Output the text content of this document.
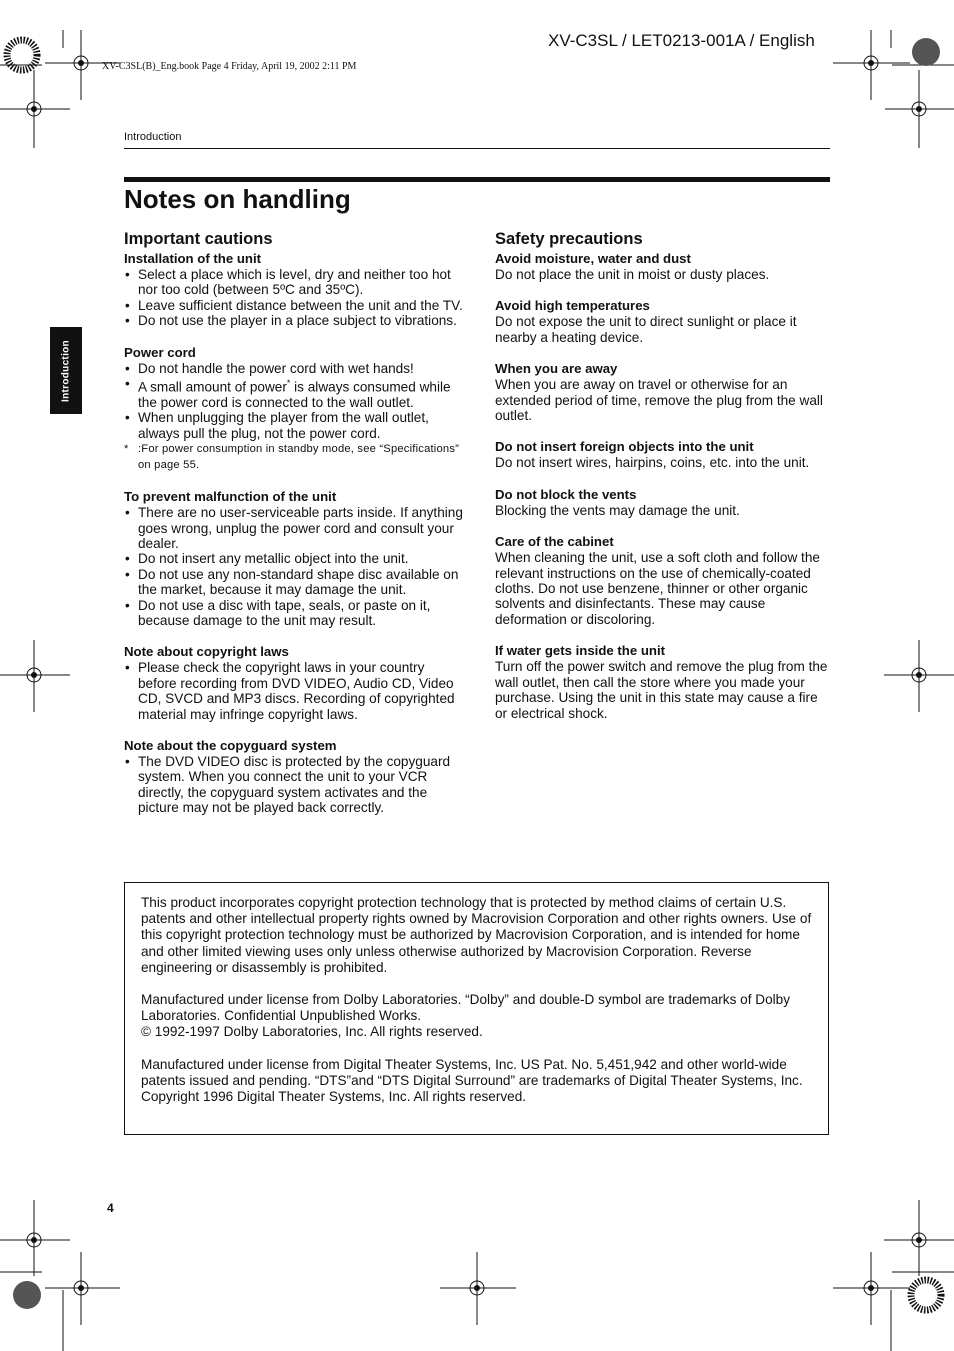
XV-C3SL / LET0213-001A / English
XV-C3SL(B)_Eng.book Page 4 Friday, April 19, 2002 2:11 PM
Introduction
Notes on handling
Introduction
Important cautions
Installation of the unit
• Select a place which is level, dry and neither too hot nor too cold (between 5ºC and 35ºC).
• Leave sufficient distance between the unit and the TV.
• Do not use the player in a place subject to vibrations.
Power cord
• Do not handle the power cord with wet hands!
• A small amount of power* is always consumed while the power cord is connected to the wall outlet.
• When unplugging the player from the wall outlet, always pull the plug, not the power cord.
* :For power consumption in standby mode, see “Specifications” on page 55.
To prevent malfunction of the unit
• There are no user-serviceable parts inside. If anything goes wrong, unplug the power cord and consult your dealer.
• Do not insert any metallic object into the unit.
• Do not use any non-standard shape disc available on the market, because it may damage the unit.
• Do not use a disc with tape, seals, or paste on it, because damage to the unit may result.
Note about copyright laws
• Please check the copyright laws in your country before recording from DVD VIDEO, Audio CD, Video CD, SVCD and MP3 discs. Recording of copyrighted material may infringe copyright laws.
Note about the copyguard system
• The DVD VIDEO disc is protected by the copyguard system. When you connect the unit to your VCR directly, the copyguard system activates and the picture may not be played back correctly.
Safety precautions
Avoid moisture, water and dust

Do not place the unit in moist or dusty places.

Avoid high temperatures

Do not expose the unit to direct sunlight or place it nearby a heating device.

When you are away

When you are away on travel or otherwise for an extended period of time, remove the plug from the wall outlet.

Do not insert foreign objects into the unit

Do not insert wires, hairpins, coins, etc. into the unit.

Do not block the vents

Blocking the vents may damage the unit.

Care of the cabinet

When cleaning the unit, use a soft cloth and follow the relevant instructions on the use of chemically-coated cloths. Do not use benzene, thinner or other organic solvents and disinfectants. These may cause deformation or discoloring.

If water gets inside the unit

Turn off the power switch and remove the plug from the wall outlet, then call the store where you made your purchase. Using the unit in this state may cause a fire or electrical shock.

This product incorporates copyright protection technology that is protected by method claims of certain U.S. patents and other intellectual property rights owned by Macrovision Corporation and other rights owners. Use of this copyright protection technology must be authorized by Macrovision Corporation, and is intended for home and other limited viewing uses only unless otherwise authorized by Macrovision Corporation. Reverse engineering or disassembly is prohibited.

Manufactured under license from Dolby Laboratories. “Dolby” and double-D symbol are trademarks of Dolby Laboratories. Confidential Unpublished Works.
© 1992-1997 Dolby Laboratories, Inc. All rights reserved.

Manufactured under license from Digital Theater Systems, Inc. US Pat. No. 5,451,942 and other world-wide patents issued and pending. “DTS”and “DTS Digital Surround” are trademarks of Digital Theater Systems, Inc.
Copyright 1996 Digital Theater Systems, Inc. All rights reserved.

4
